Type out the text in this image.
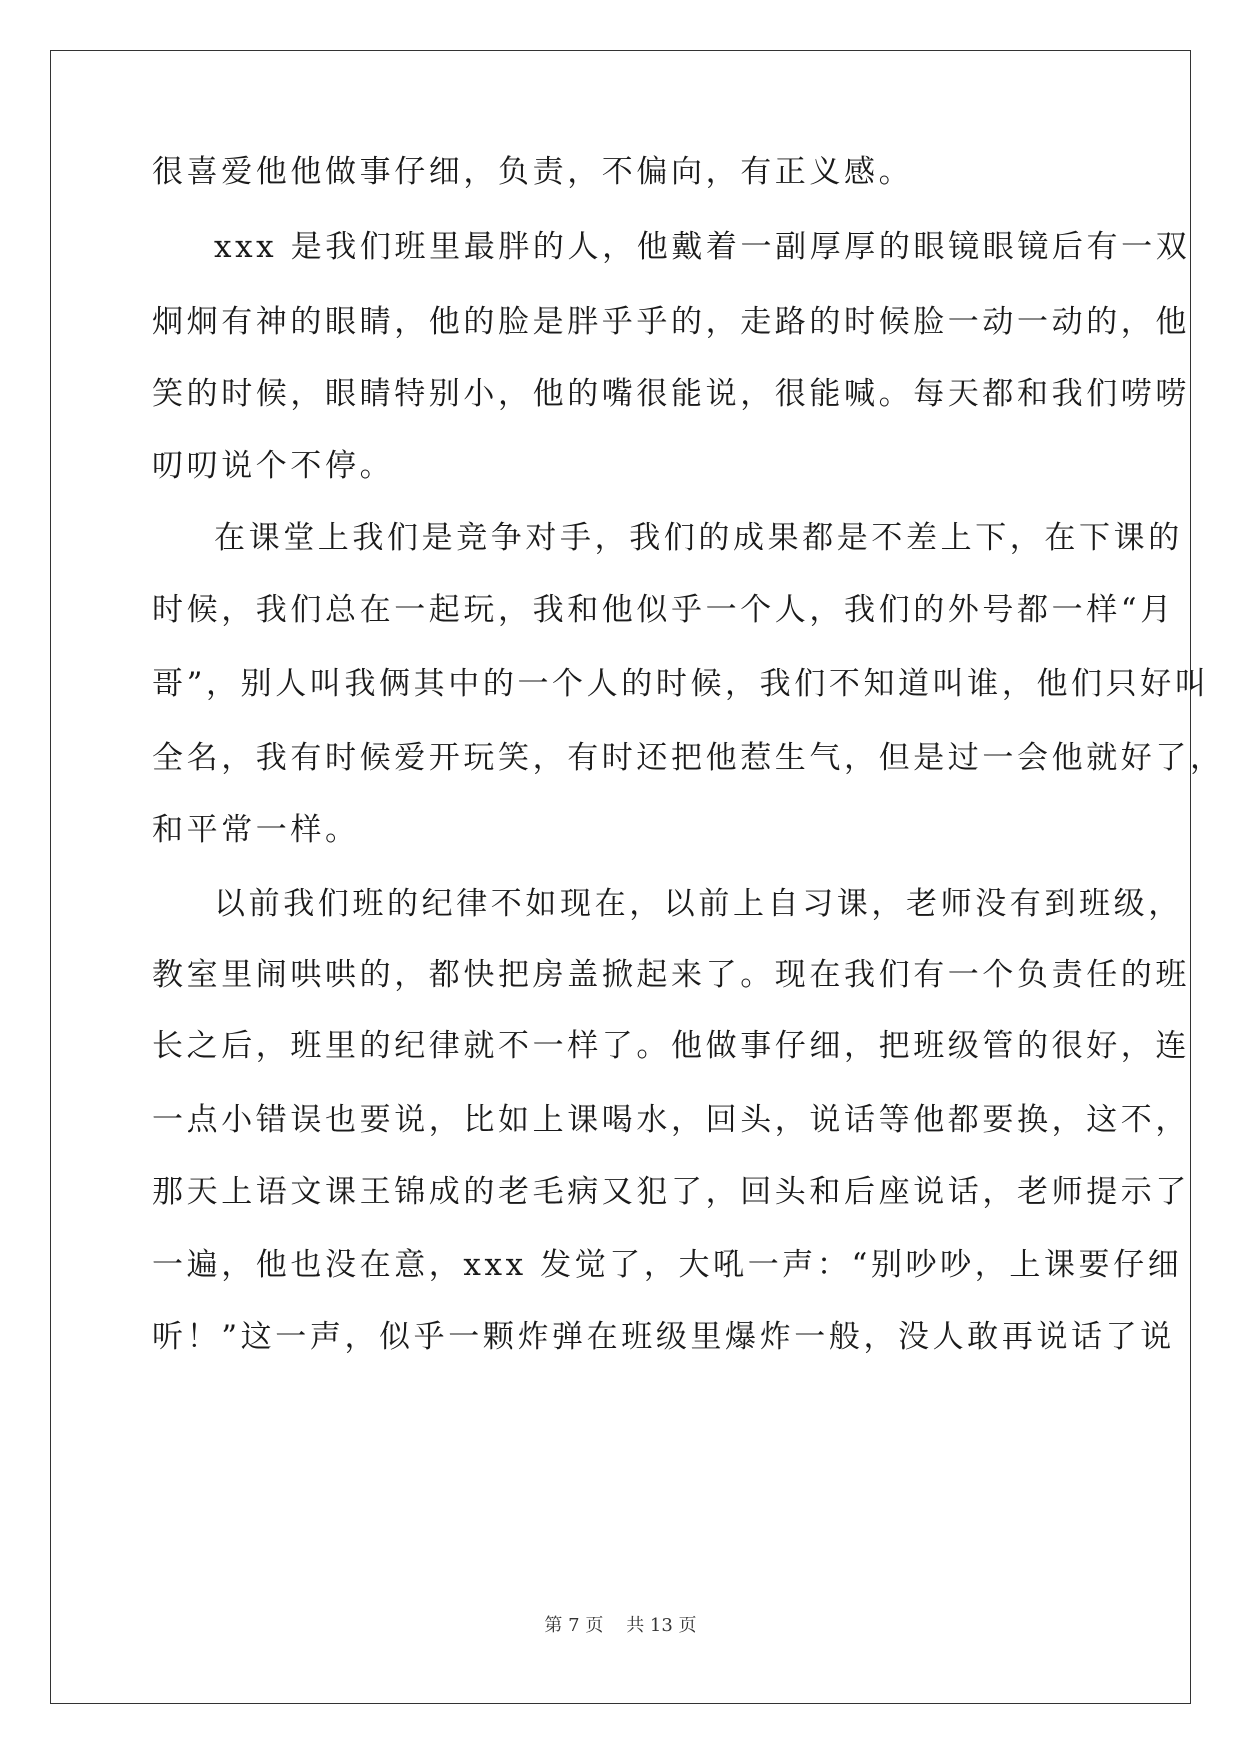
很喜爱他他做事仔细，负责，不偏向，有正义感。

xxx 是我们班里最胖的人，他戴着一副厚厚的眼镜眼镜后有一双

炯炯有神的眼睛，他的脸是胖乎乎的，走路的时候脸一动一动的，他

笑的时候，眼睛特别小，他的嘴很能说，很能喊。每天都和我们唠唠

叨叨说个不停。

在课堂上我们是竞争对手，我们的成果都是不差上下，在下课的

时候，我们总在一起玩，我和他似乎一个人，我们的外号都一样“月

哥”，别人叫我俩其中的一个人的时候，我们不知道叫谁，他们只好叫

全名，我有时候爱开玩笑，有时还把他惹生气，但是过一会他就好了，

和平常一样。

以前我们班的纪律不如现在，以前上自习课，老师没有到班级，

教室里闹哄哄的，都快把房盖掀起来了。现在我们有一个负责任的班

长之后，班里的纪律就不一样了。他做事仔细，把班级管的很好，连

一点小错误也要说，比如上课喝水，回头，说话等他都要换，这不，

那天上语文课王锦成的老毛病又犯了，回头和后座说话，老师提示了

一遍，他也没在意，xxx 发觉了，大吼一声：“别吵吵，上课要仔细

听！”这一声，似乎一颗炸弹在班级里爆炸一般，没人敢再说话了说

第 7 页    共 13 页
